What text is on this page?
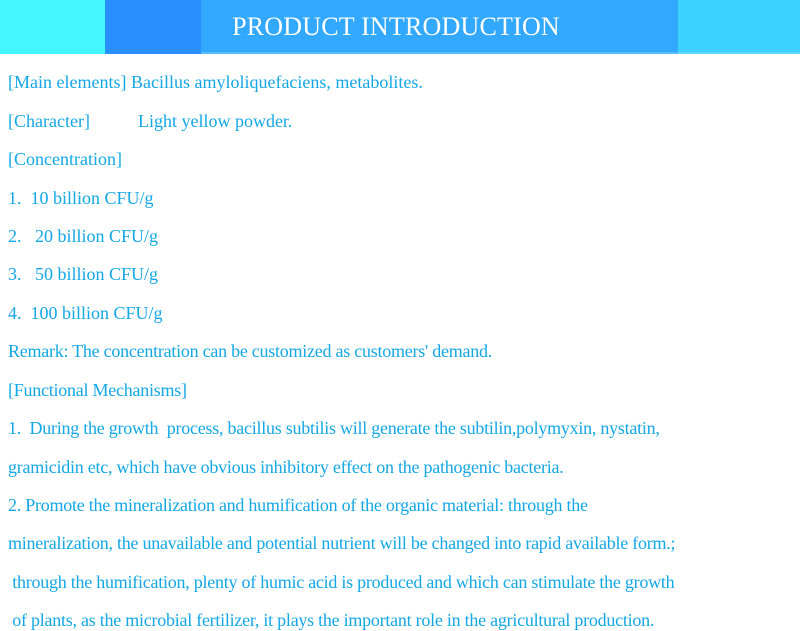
PRODUCT INTRODUCTION
[Main elements] Bacillus amyloliquefaciens, metabolites.
[Character]	Light yellow powder.
[Concentration]
1.  10 billion CFU/g
2.   20 billion CFU/g
3.   50 billion CFU/g
4.  100 billion CFU/g
Remark: The concentration can be customized as customers' demand.
[Functional Mechanisms]
1.  During the growth  process, bacillus subtilis will generate the subtilin,polymyxin, nystatin,
gramicidin etc, which have obvious inhibitory effect on the pathogenic bacteria.
2. Promote the mineralization and humification of the organic material: through the
mineralization, the unavailable and potential nutrient will be changed into rapid available form.;
through the humification, plenty of humic acid is produced and which can stimulate the growth
of plants, as the microbial fertilizer, it plays the important role in the agricultural production.
